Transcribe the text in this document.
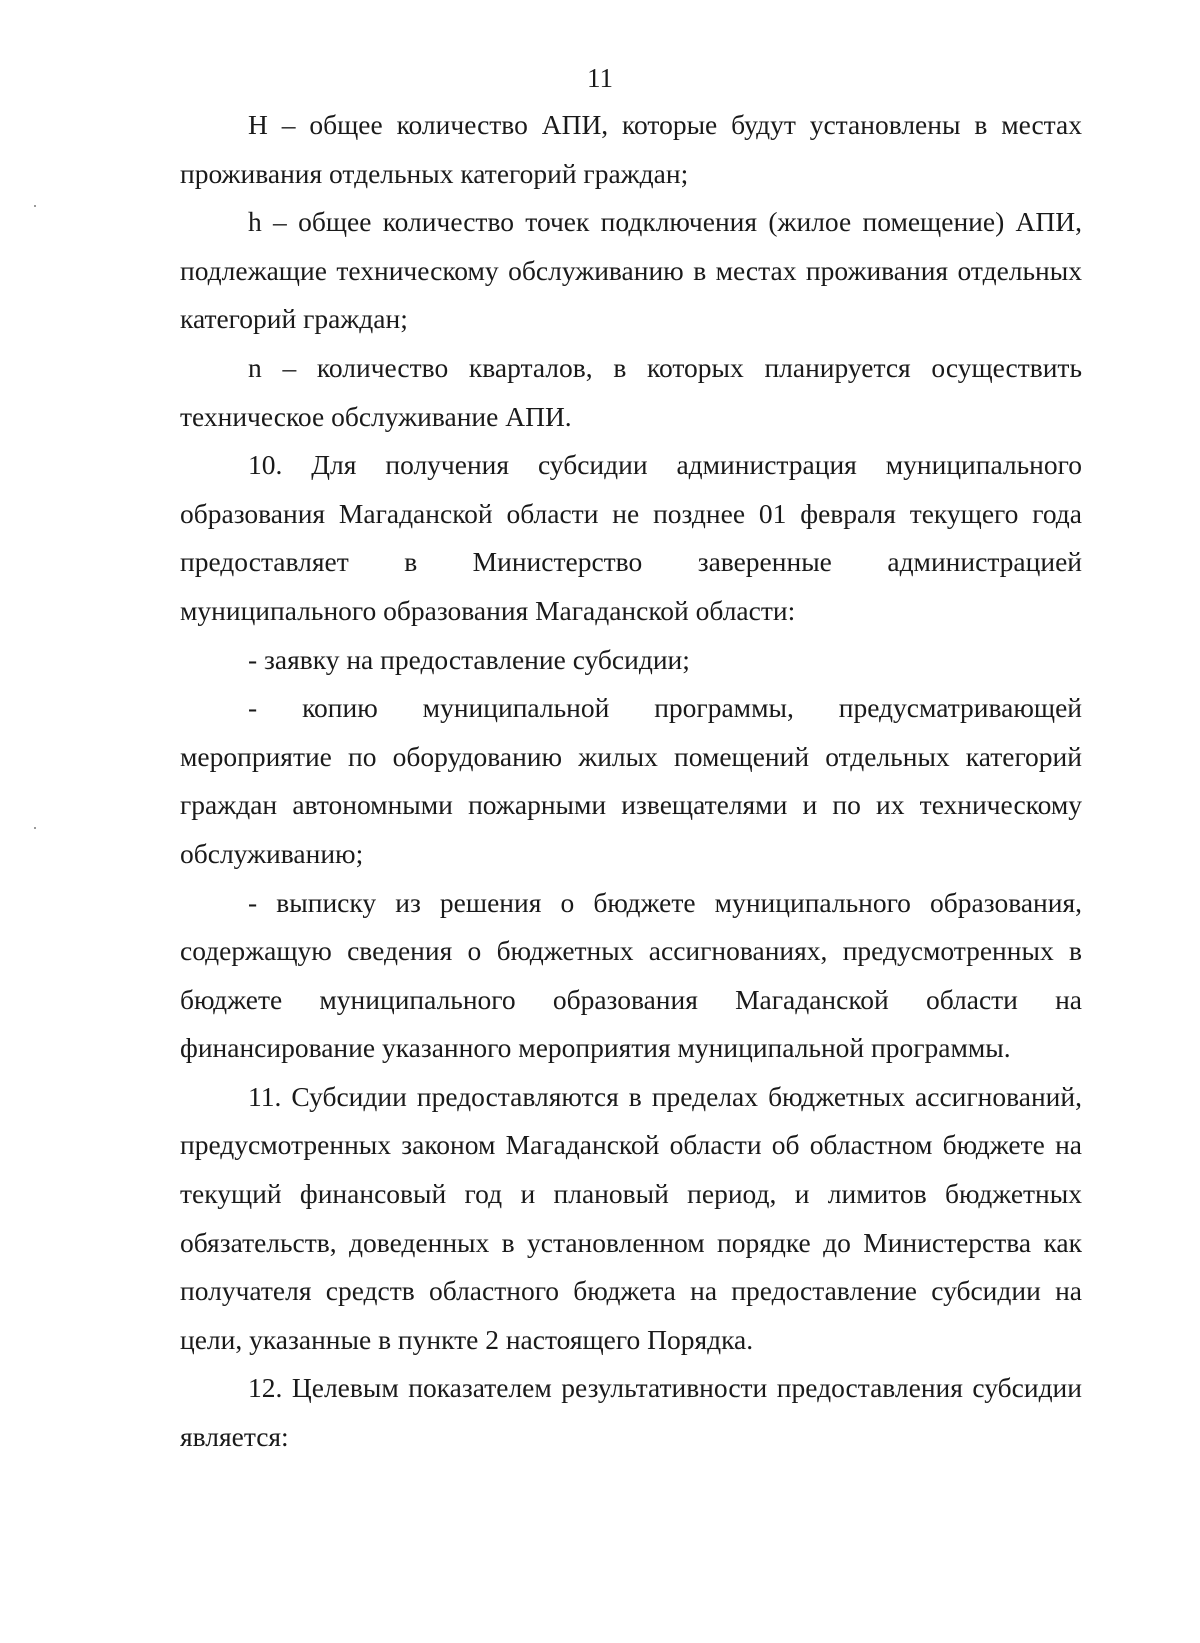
11

Н – общее количество АПИ, которые будут установлены в местах проживания отдельных категорий граждан;

h – общее количество точек подключения (жилое помещение) АПИ, подлежащие техническому обслуживанию в местах проживания отдельных категорий граждан;

n – количество кварталов, в которых планируется осуществить техническое обслуживание АПИ.

10. Для получения субсидии администрация муниципального образования Магаданской области не позднее 01 февраля текущего года предоставляет в Министерство заверенные администрацией муниципального образования Магаданской области:

- заявку на предоставление субсидии;

- копию муниципальной программы, предусматривающей мероприятие по оборудованию жилых помещений отдельных категорий граждан автономными пожарными извещателями и по их техническому обслуживанию;

- выписку из решения о бюджете муниципального образования, содержащую сведения о бюджетных ассигнованиях, предусмотренных в бюджете муниципального образования Магаданской области на финансирование указанного мероприятия муниципальной программы.

11. Субсидии предоставляются в пределах бюджетных ассигнований, предусмотренных законом Магаданской области об областном бюджете на текущий финансовый год и плановый период, и лимитов бюджетных обязательств, доведенных в установленном порядке до Министерства как получателя средств областного бюджета на предоставление субсидии на цели, указанные в пункте 2 настоящего Порядка.

12. Целевым показателем результативности предоставления субсидии является:
